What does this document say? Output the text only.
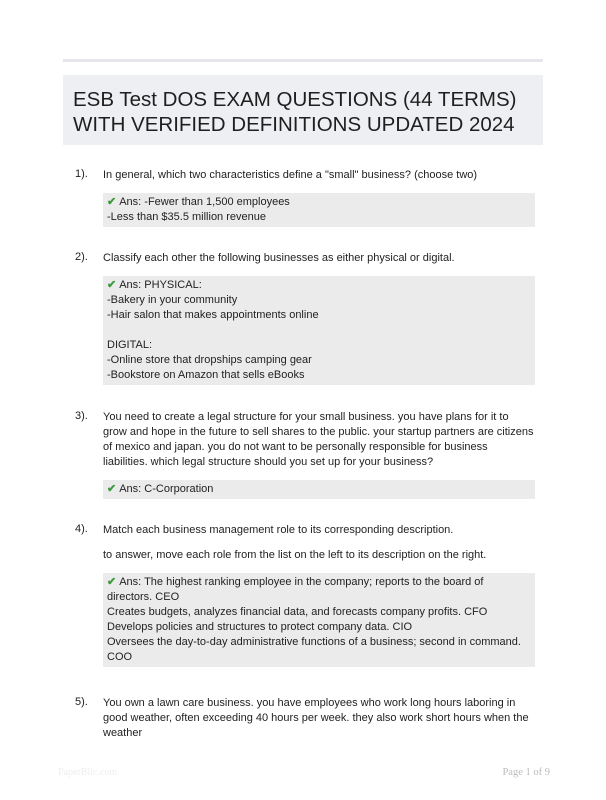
ESB Test DOS EXAM QUESTIONS (44 TERMS) WITH VERIFIED DEFINITIONS UPDATED 2024
1). In general, which two characteristics define a "small" business? (choose two)

✔ Ans: -Fewer than 1,500 employees
-Less than $35.5 million revenue
2). Classify each other the following businesses as either physical or digital.

✔ Ans: PHYSICAL:
-Bakery in your community
-Hair salon that makes appointments online
DIGITAL:
-Online store that dropships camping gear
-Bookstore on Amazon that sells eBooks
3). You need to create a legal structure for your small business. you have plans for it to grow and hope in the future to sell shares to the public. your startup partners are citizens of mexico and japan. you do not want to be personally responsible for business liabilities. which legal structure should you set up for your business?

✔ Ans: C-Corporation
4). Match each business management role to its corresponding description.

to answer, move each role from the list on the left to its description on the right.

✔ Ans: The highest ranking employee in the company; reports to the board of directors. CEO
Creates budgets, analyzes financial data, and forecasts company profits. CFO
Develops policies and structures to protect company data. CIO
Oversees the day-to-day administrative functions of a business; second in command. COO
5). You own a lawn care business. you have employees who work long hours laboring in good weather, often exceeding 40 hours per week. they also work short hours when the weather

PaperBlic.com	Page 1 of 9
